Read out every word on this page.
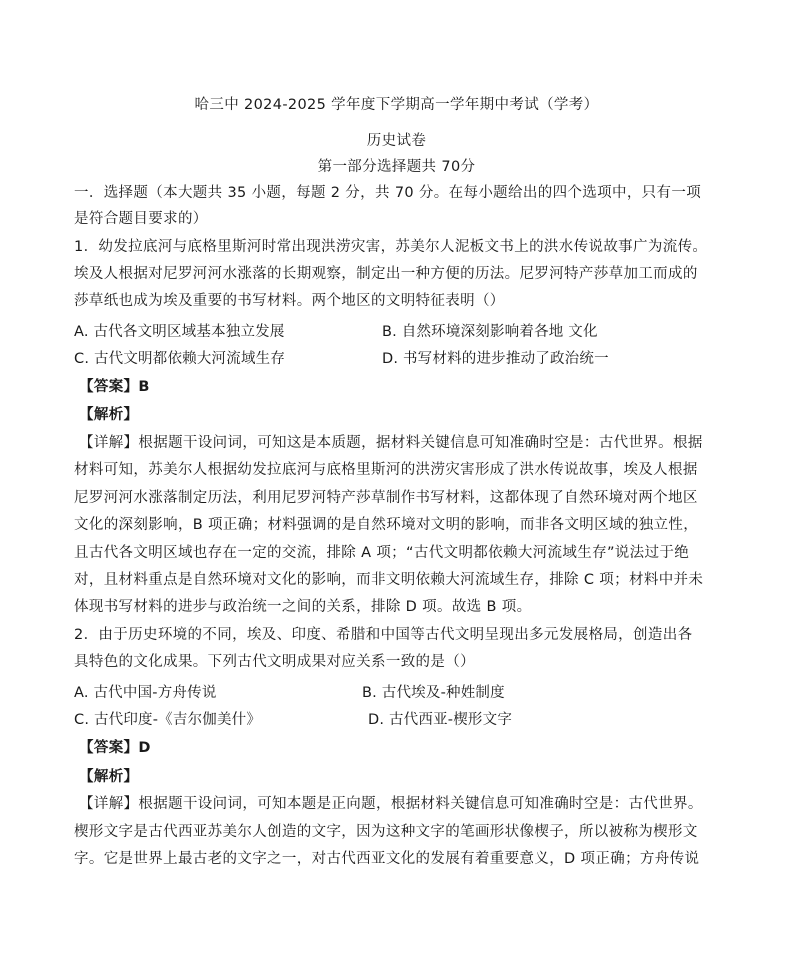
哈三中 2024-2025 学年度下学期高一学年期中考试（学考）
历史试卷
第一部分选择题共 70分
一．选择题（本大题共 35 小题，每题 2 分，共 70 分。在每小题给出的四个选项中，只有一项
是符合题目要求的）
1．幼发拉底河与底格里斯河时常出现洪涝灾害，苏美尔人泥板文书上的洪水传说故事广为流传。
埃及人根据对尼罗河河水涨落的长期观察，制定出一种方便的历法。尼罗河特产莎草加工而成的
莎草纸也成为埃及重要的书写材料。两个地区的文明特征表明（）
A. 古代各文明区域基本独立发展	B. 自然环境深刻影响着各地 文化
C. 古代文明都依赖大河流域生存	D. 书写材料的进步推动了政治统一
【答案】B
【解析】
【详解】根据题干设问词，可知这是本质题，据材料关键信息可知准确时空是：古代世界。根据
材料可知，苏美尔人根据幼发拉底河与底格里斯河的洪涝灾害形成了洪水传说故事，埃及人根据
尼罗河河水涨落制定历法，利用尼罗河特产莎草制作书写材料，这都体现了自然环境对两个地区
文化的深刻影响，B 项正确；材料强调的是自然环境对文明的影响，而非各文明区域的独立性，
且古代各文明区域也存在一定的交流，排除 A 项；“古代文明都依赖大河流域生存”说法过于绝
对，且材料重点是自然环境对文化的影响，而非文明依赖大河流域生存，排除 C 项；材料中并未
体现书写材料的进步与政治统一之间的关系，排除 D 项。故选 B 项。
2．由于历史环境的不同，埃及、印度、希腊和中国等古代文明呈现出多元发展格局，创造出各
具特色的文化成果。下列古代文明成果对应关系一致的是（）
A. 古代中国-方舟传说	B. 古代埃及-种姓制度
C. 古代印度-《吉尔伽美什》	D. 古代西亚-楔形文字
【答案】D
【解析】
【详解】根据题干设问词，可知本题是正向题，根据材料关键信息可知准确时空是：古代世界。
楔形文字是古代西亚苏美尔人创造的文字，因为这种文字的笔画形状像楔子，所以被称为楔形文
字。它是世界上最古老的文字之一，对古代西亚文化的发展有着重要意义，D 项正确；方舟传说
